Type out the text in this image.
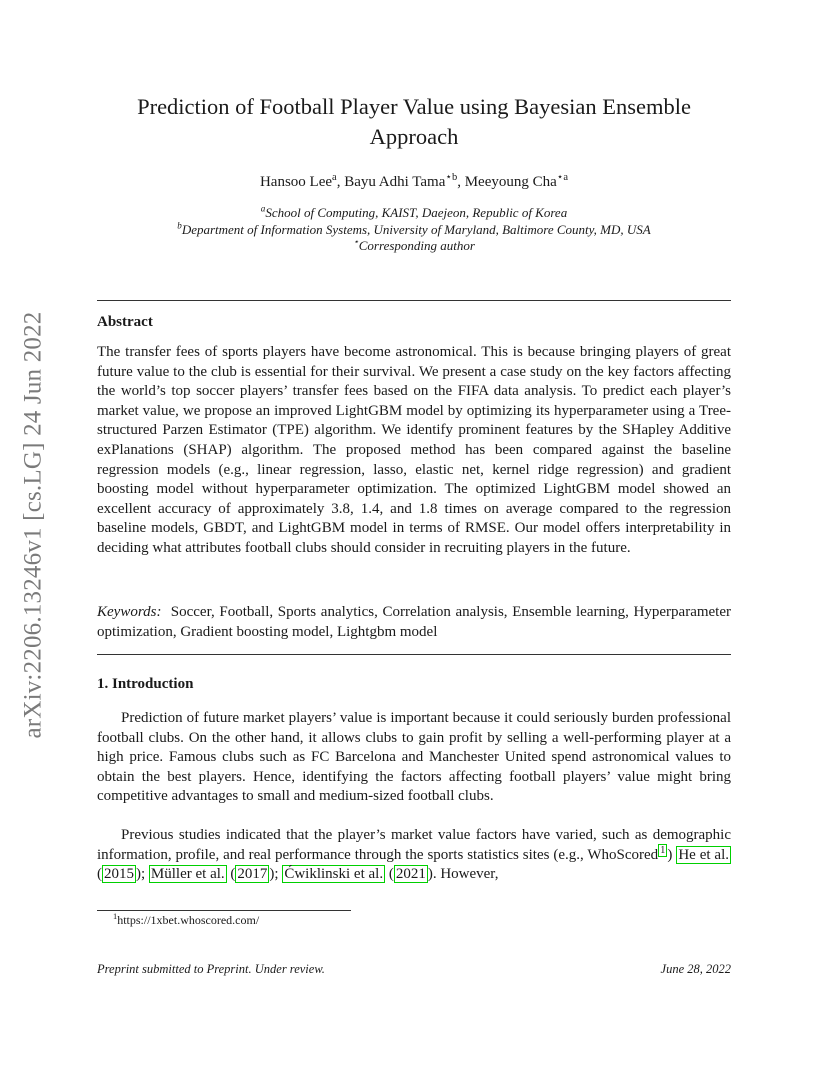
arXiv:2206.13246v1 [cs.LG] 24 Jun 2022
Prediction of Football Player Value using Bayesian Ensemble Approach
Hansoo Lee$^a$, Bayu Adhi Tama$^{⋆b}$, Meeyoung Cha$^{⋆a}$
$^a$School of Computing, KAIST, Daejeon, Republic of Korea
$^b$Department of Information Systems, University of Maryland, Baltimore County, MD, USA
⋆Corresponding author
Abstract
The transfer fees of sports players have become astronomical. This is because bringing players of great future value to the club is essential for their survival. We present a case study on the key factors affecting the world’s top soccer players’ transfer fees based on the FIFA data analysis. To predict each player’s market value, we propose an improved LightGBM model by optimizing its hyperparameter using a Tree-structured Parzen Estimator (TPE) algorithm. We identify prominent features by the SHapley Additive exPlanations (SHAP) algorithm. The proposed method has been compared against the baseline regression models (e.g., linear regression, lasso, elastic net, kernel ridge regression) and gradient boosting model without hyperparameter optimization. The optimized LightGBM model showed an excellent accuracy of approximately 3.8, 1.4, and 1.8 times on average compared to the regression baseline models, GBDT, and LightGBM model in terms of RMSE. Our model offers interpretability in deciding what attributes football clubs should consider in recruiting players in the future.
Keywords: Soccer, Football, Sports analytics, Correlation analysis, Ensemble learning, Hyperparameter optimization, Gradient boosting model, Lightgbm model
1. Introduction
Prediction of future market players’ value is important because it could seriously burden professional football clubs. On the other hand, it allows clubs to gain profit by selling a well-performing player at a high price. Famous clubs such as FC Barcelona and Manchester United spend astronomical values to obtain the best players. Hence, identifying the factors affecting football players’ value might bring competitive advantages to small and medium-sized football clubs.
Previous studies indicated that the player’s market value factors have varied, such as demographic information, profile, and real performance through the sports statistics sites (e.g., WhoScored $^1$ ) He et al. ( 2015 ); Müller et al. ( 2017 ); Ćwiklinski et al. ( 2021 ). However,
$^1$https://1xbet.whoscored.com/
Preprint submitted to Preprint. Under review.	June 28, 2022
